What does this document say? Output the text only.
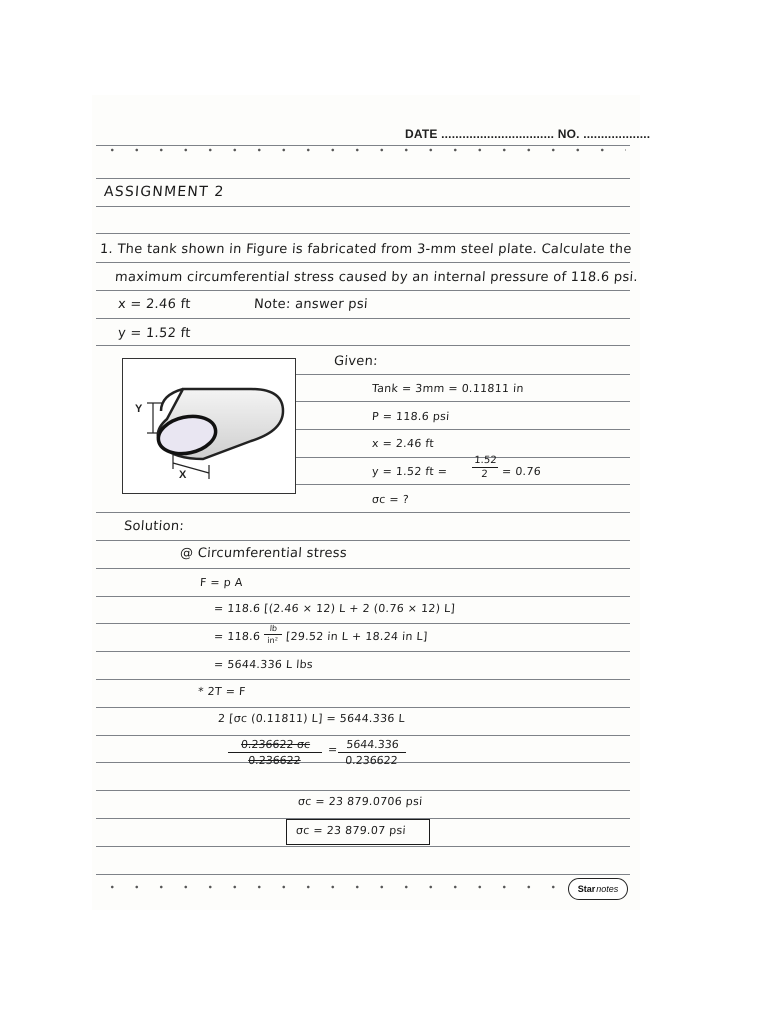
DATE ................................ NO. ...................
ASSIGNMENT 2
1. The tank shown in Figure is fabricated from 3-mm steel plate. Calculate the
maximum circumferential stress caused by an internal pressure of 118.6 psi.
x = 2.46 ft	Note: answer psi
y = 1.52 ft
Y
X
Given:
Tank = 3mm = 0.11811 in
P = 118.6 psi
x = 2.46 ft
y = 1.52 ft =
1.52
2	= 0.76
σc = ?
Solution:
@ Circumferential stress
F = p A
= 118.6 [(2.46 × 12) L + 2 (0.76 × 12) L]
= 118.6
lb
in² [29.52 in L + 18.24 in L]
= 5644.336 L lbs
* 2T = F
2 [σc (0.11811) L] = 5644.336 L
0.236622 σc
0.236622
= 5644.336
0.236622
σc = 23 879.0706 psi
σc = 23 879.07 psi
Star notes
